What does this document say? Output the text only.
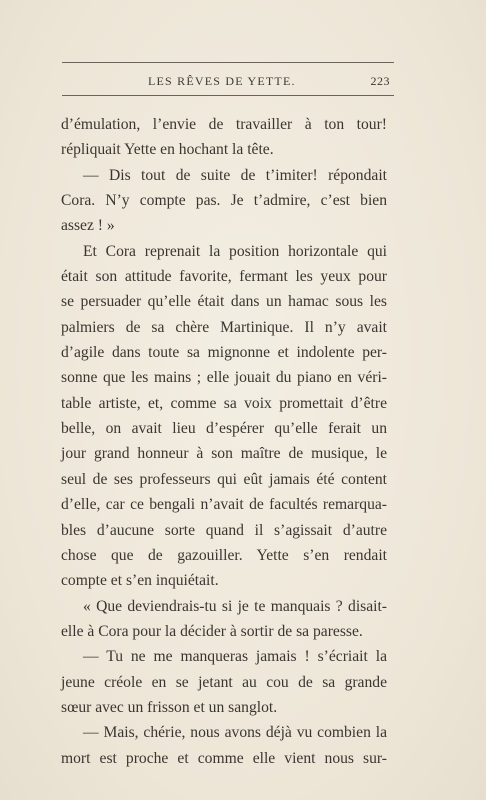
LES RÊVES DE YETTE.	223
d’émulation, l’envie de travailler à ton tour!
répliquait Yette en hochant la tête.
— Dis tout de suite de t’imiter! répondait
Cora. N’y compte pas. Je t’admire, c’est bien
assez ! »
Et Cora reprenait la position horizontale qui
était son attitude favorite, fermant les yeux pour
se persuader qu’elle était dans un hamac sous les
palmiers de sa chère Martinique. Il n’y avait
d’agile dans toute sa mignonne et indolente per-
sonne que les mains ; elle jouait du piano en véri-
table artiste, et, comme sa voix promettait d’être
belle, on avait lieu d’espérer qu’elle ferait un
jour grand honneur à son maître de musique, le
seul de ses professeurs qui eût jamais été content
d’elle, car ce bengali n’avait de facultés remarqua-
bles d’aucune sorte quand il s’agissait d’autre
chose que de gazouiller. Yette s’en rendait
compte et s’en inquiétait.
« Que deviendrais-tu si je te manquais ? disait-
elle à Cora pour la décider à sortir de sa paresse.
— Tu ne me manqueras jamais ! s’écriait la
jeune créole en se jetant au cou de sa grande
sœur avec un frisson et un sanglot.
— Mais, chérie, nous avons déjà vu combien la
mort est proche et comme elle vient nous sur-
